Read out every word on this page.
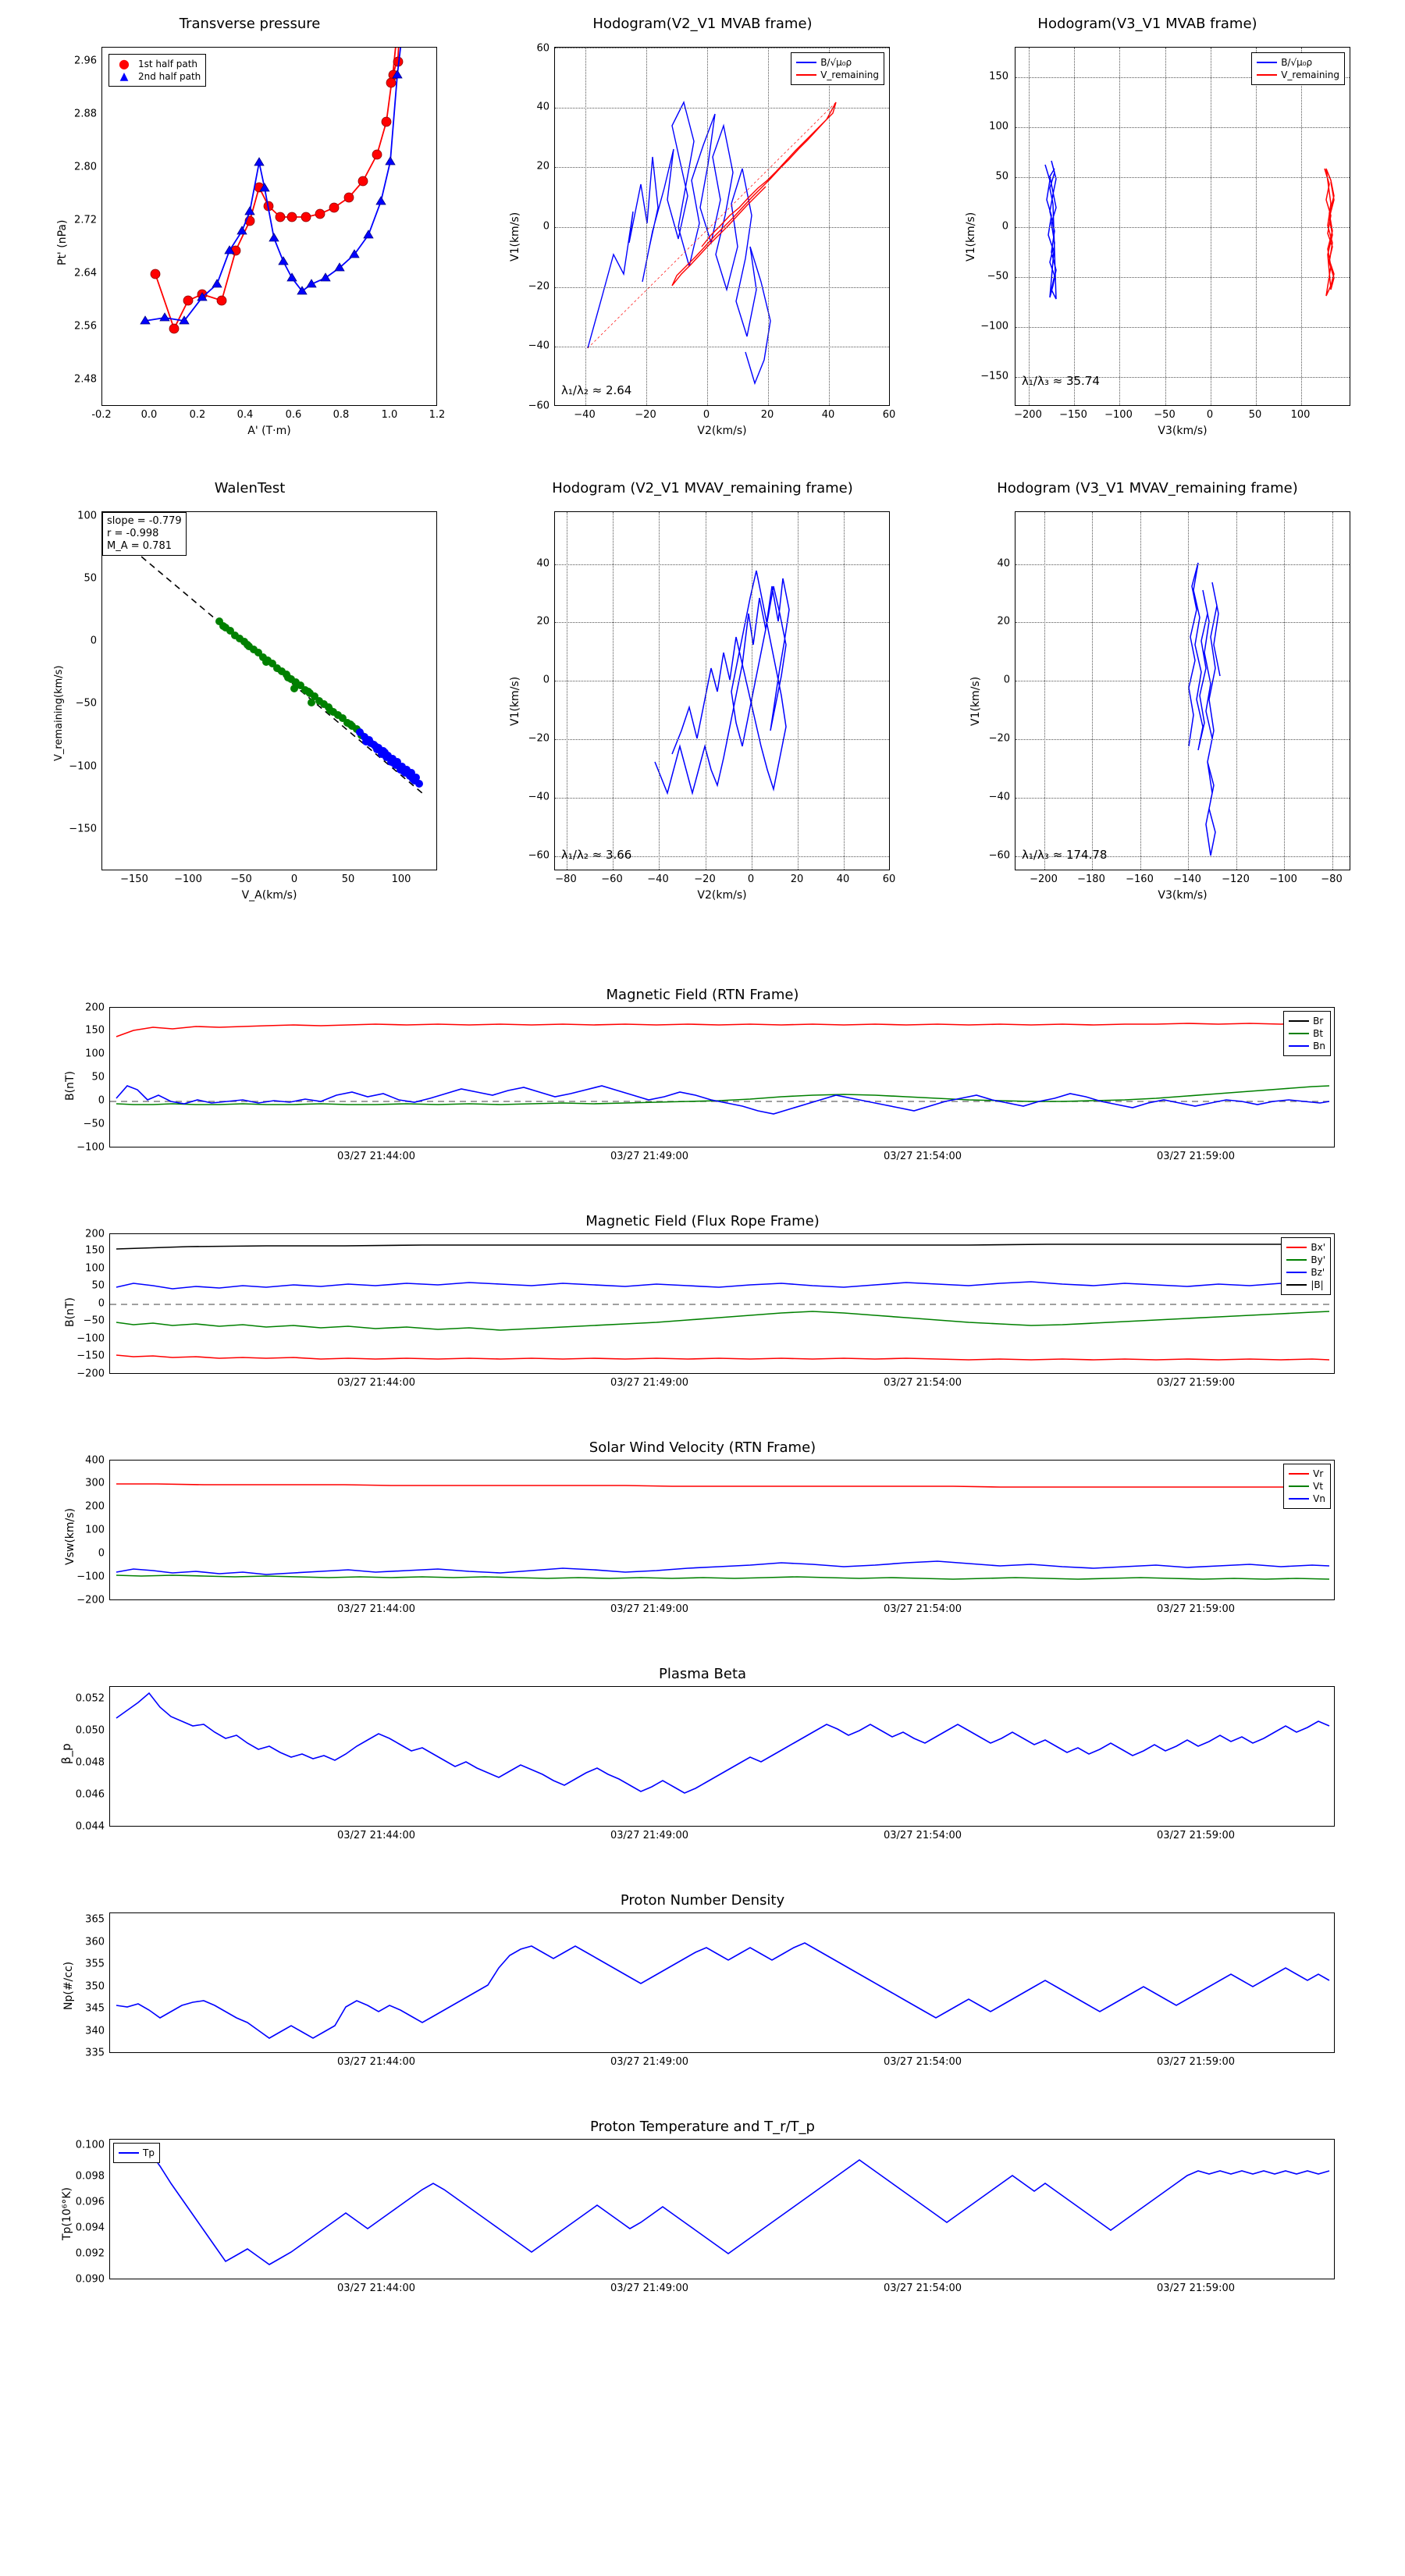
Transverse pressure
● 1st half path
▲	2nd half path
-0.2	0.0	0.2	0.4	0.6	0.8	1.0	1.2
2.48
2.56
2.64
2.72
2.80
2.88
2.96
A' (T·m)
Pt' (nPa)
Hodogram(V2_V1 MVAB frame)
B/√μ₀ρ
V_remaining
λ₁/λ₂ ≈ 2.64
−40	−20	0	20	40	60
−60
−40
−20
0
20
40
60
V2(km/s)
V1(km/s)
Hodogram(V3_V1 MVAB frame)
B/√μ₀ρ
V_remaining
λ₁/λ₃ ≈ 35.74
−200 −150 −100 −50	0	50	100
−150
−100
−50
0
50
100
150
V3(km/s)
V1(km/s)
WalenTest
slope = -0.779
r = -0.998
M_A = 0.781
−150	−100	−50	0	50	100
−150
−100
−50
0
50
100
V_A(km/s)
V_remaining(km/s)
Hodogram (V2_V1 MVAV_remaining frame)
λ₁/λ₂ ≈ 3.66
−80 −60 −40	−20	0	20	40	60
−60
−40
−20
0
20
40
V2(km/s)
V1(km/s)
Hodogram (V3_V1 MVAV_remaining frame)
λ₁/λ₃ ≈ 174.78
−200 −180 −160 −140 −120 −100 −80
−60
−40
−20
0
20
40
V3(km/s)
V1(km/s)
Magnetic Field (RTN Frame)
Br
Bt
Bn
−100
−50
0
50
100
150
200
03/27 21:44:00	03/27 21:49:00	03/27 21:54:00	03/27 21:59:00
B(nT)
Magnetic Field (Flux Rope Frame)
Bx'
By'
Bz'
|B|
−200
−150
−100
−50
0
50
100
150
200
03/27 21:44:00	03/27 21:49:00	03/27 21:54:00	03/27 21:59:00
B(nT)
Solar Wind Velocity (RTN Frame)
Vr
Vt
Vn
−200
−100
0
100
200
300
400
03/27 21:44:00	03/27 21:49:00	03/27 21:54:00	03/27 21:59:00
Vsw(km/s)
Plasma Beta
0.044
0.046
0.048
0.050
0.052
03/27 21:44:00	03/27 21:49:00	03/27 21:54:00	03/27 21:59:00
β_p
Proton Number Density
335
340
345
350
355
360
365
03/27 21:44:00	03/27 21:49:00	03/27 21:54:00	03/27 21:59:00
Np(#/cc)
Proton Temperature and T_r/T_p
Tp
0.090
0.092
0.094
0.096
0.098
0.100
03/27 21:44:00	03/27 21:49:00	03/27 21:54:00	03/27 21:59:00
Tp(10⁶°K)
